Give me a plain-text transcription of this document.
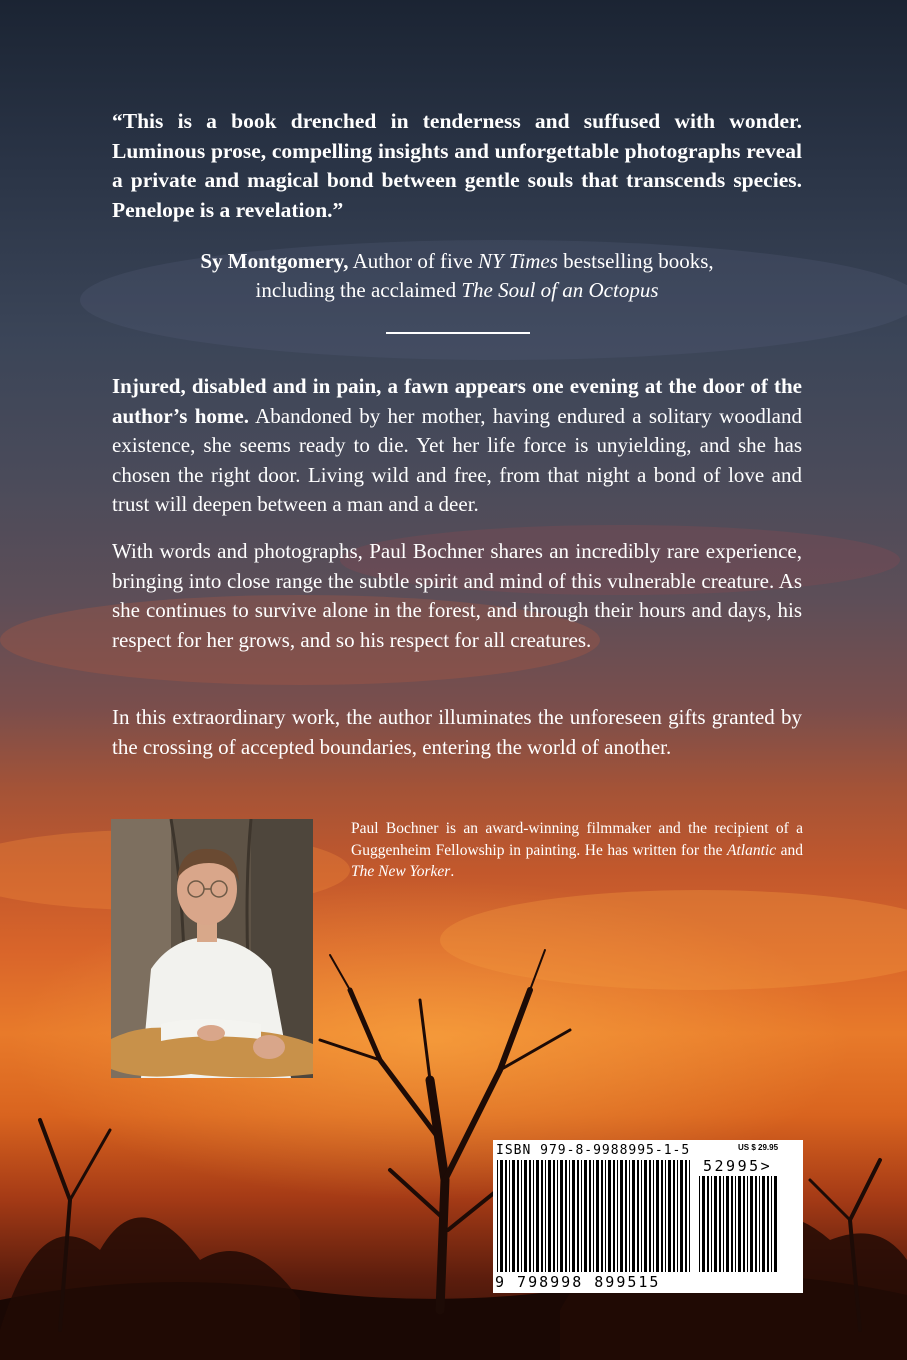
“This is a book drenched in tenderness and suffused with wonder. Luminous prose, compelling insights and unforgettable photographs reveal a private and magical bond between gentle souls that transcends species. Penelope is a revelation.”
Sy Montgomery, Author of five NY Times bestselling books,
including the acclaimed The Soul of an Octopus
Injured, disabled and in pain, a fawn appears one evening at the door of the author’s home. Abandoned by her mother, having endured a solitary woodland existence, she seems ready to die. Yet her life force is unyielding, and she has chosen the right door. Living wild and free, from that night a bond of love and trust will deepen between a man and a deer.
With words and photographs, Paul Bochner shares an incredibly rare experience, bringing into close range the subtle spirit and mind of this vulnerable creature. As she continues to survive alone in the forest, and through their hours and days, his respect for her grows, and so his respect for all creatures.
In this extraordinary work, the author illuminates the unforeseen gifts granted by the crossing of accepted boundaries, entering the world of another.
Paul Bochner is an award-winning filmmaker and the recipient of a Guggenheim Fellowship in painting. He has written for the Atlantic and The New Yorker.
ISBN 979-8-9988995-1-5	US $ 29.95
52995>
9 798998 899515
